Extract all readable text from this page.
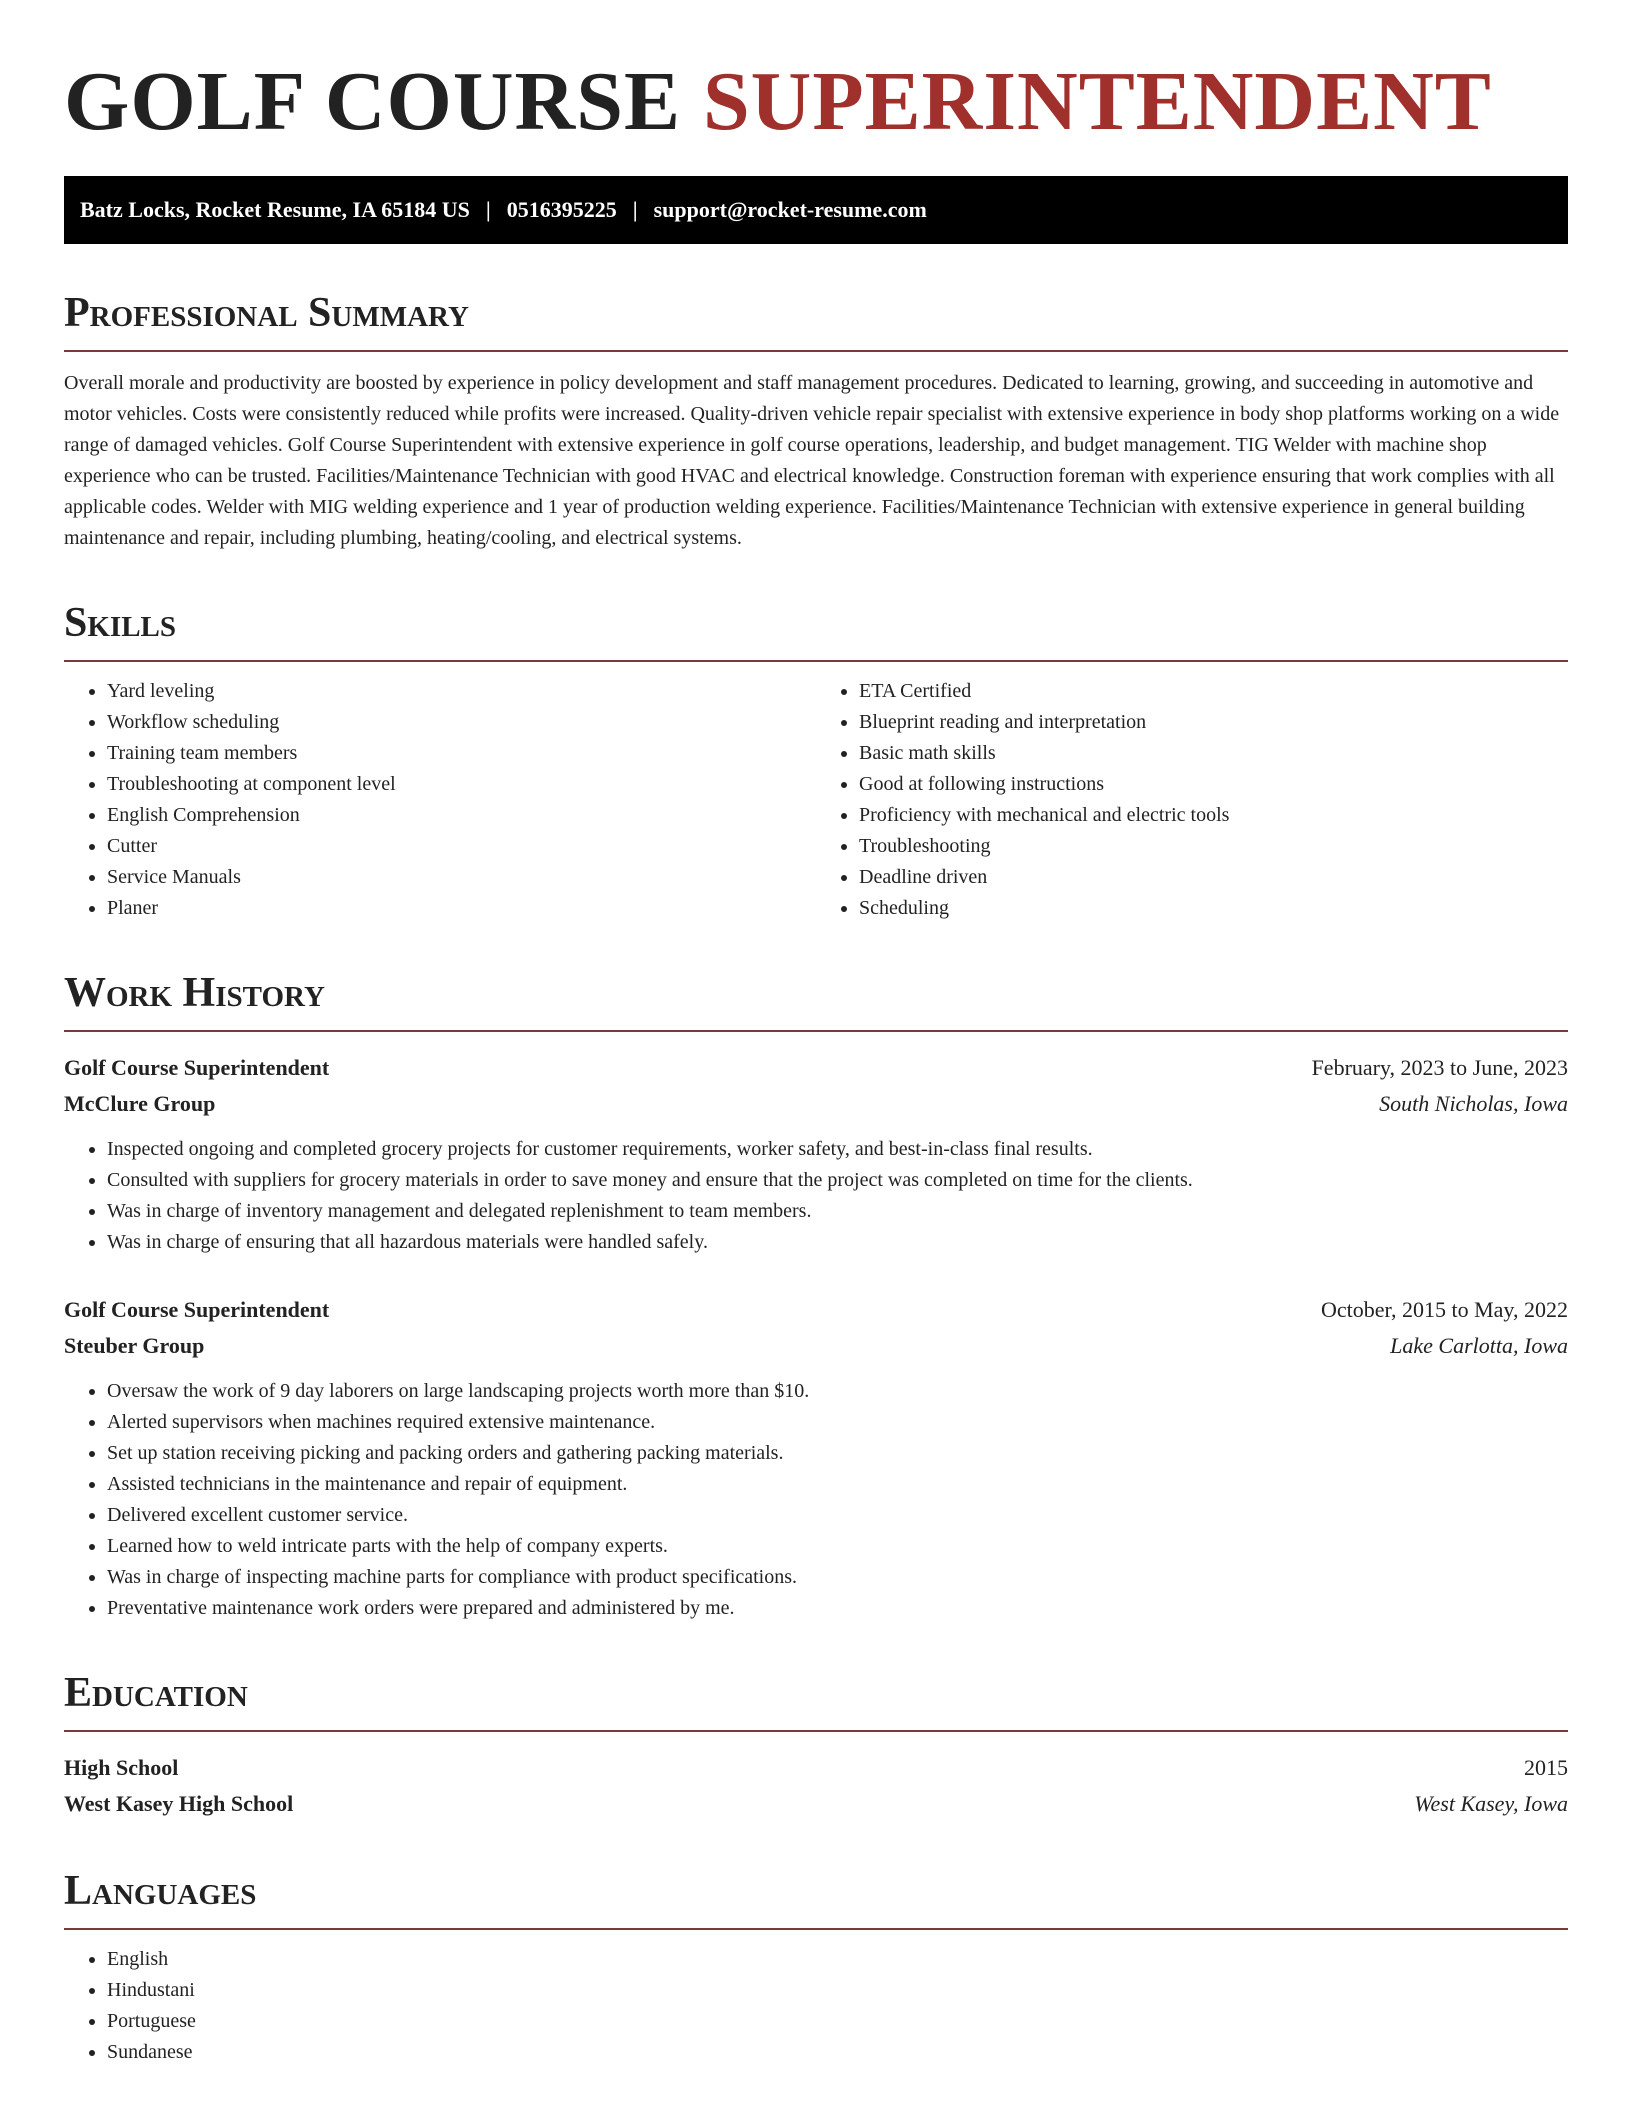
GOLF COURSE SUPERINTENDENT
Batz Locks, Rocket Resume, IA 65184 US | 0516395225 | support@rocket-resume.com
Professional Summary

Overall morale and productivity are boosted by experience in policy development and staff management procedures. Dedicated to learning, growing, and succeeding in automotive and motor vehicles. Costs were consistently reduced while profits were increased. Quality-driven vehicle repair specialist with extensive experience in body shop platforms working on a wide range of damaged vehicles. Golf Course Superintendent with extensive experience in golf course operations, leadership, and budget management. TIG Welder with machine shop experience who can be trusted. Facilities/Maintenance Technician with good HVAC and electrical knowledge. Construction foreman with experience ensuring that work complies with all applicable codes. Welder with MIG welding experience and 1 year of production welding experience. Facilities/Maintenance Technician with extensive experience in general building maintenance and repair, including plumbing, heating/cooling, and electrical systems.

Skills
• Yard leveling
• Workflow scheduling
• Training team members
• Troubleshooting at component level
• English Comprehension
• Cutter
• Service Manuals
• Planer
• ETA Certified
• Blueprint reading and interpretation
• Basic math skills
• Good at following instructions
• Proficiency with mechanical and electric tools
• Troubleshooting
• Deadline driven
• Scheduling
Work History
Golf Course Superintendent	February, 2023 to June, 2023
McClure Group	South Nicholas, Iowa
• Inspected ongoing and completed grocery projects for customer requirements, worker safety, and best-in-class final results.
• Consulted with suppliers for grocery materials in order to save money and ensure that the project was completed on time for the clients.
• Was in charge of inventory management and delegated replenishment to team members.
• Was in charge of ensuring that all hazardous materials were handled safely.
Golf Course Superintendent	October, 2015 to May, 2022
Steuber Group	Lake Carlotta, Iowa
• Oversaw the work of 9 day laborers on large landscaping projects worth more than $10.
• Alerted supervisors when machines required extensive maintenance.
• Set up station receiving picking and packing orders and gathering packing materials.
• Assisted technicians in the maintenance and repair of equipment.
• Delivered excellent customer service.
• Learned how to weld intricate parts with the help of company experts.
• Was in charge of inspecting machine parts for compliance with product specifications.
• Preventative maintenance work orders were prepared and administered by me.
Education
High School	2015
West Kasey High School	West Kasey, Iowa
Languages
• English
• Hindustani
• Portuguese
• Sundanese
